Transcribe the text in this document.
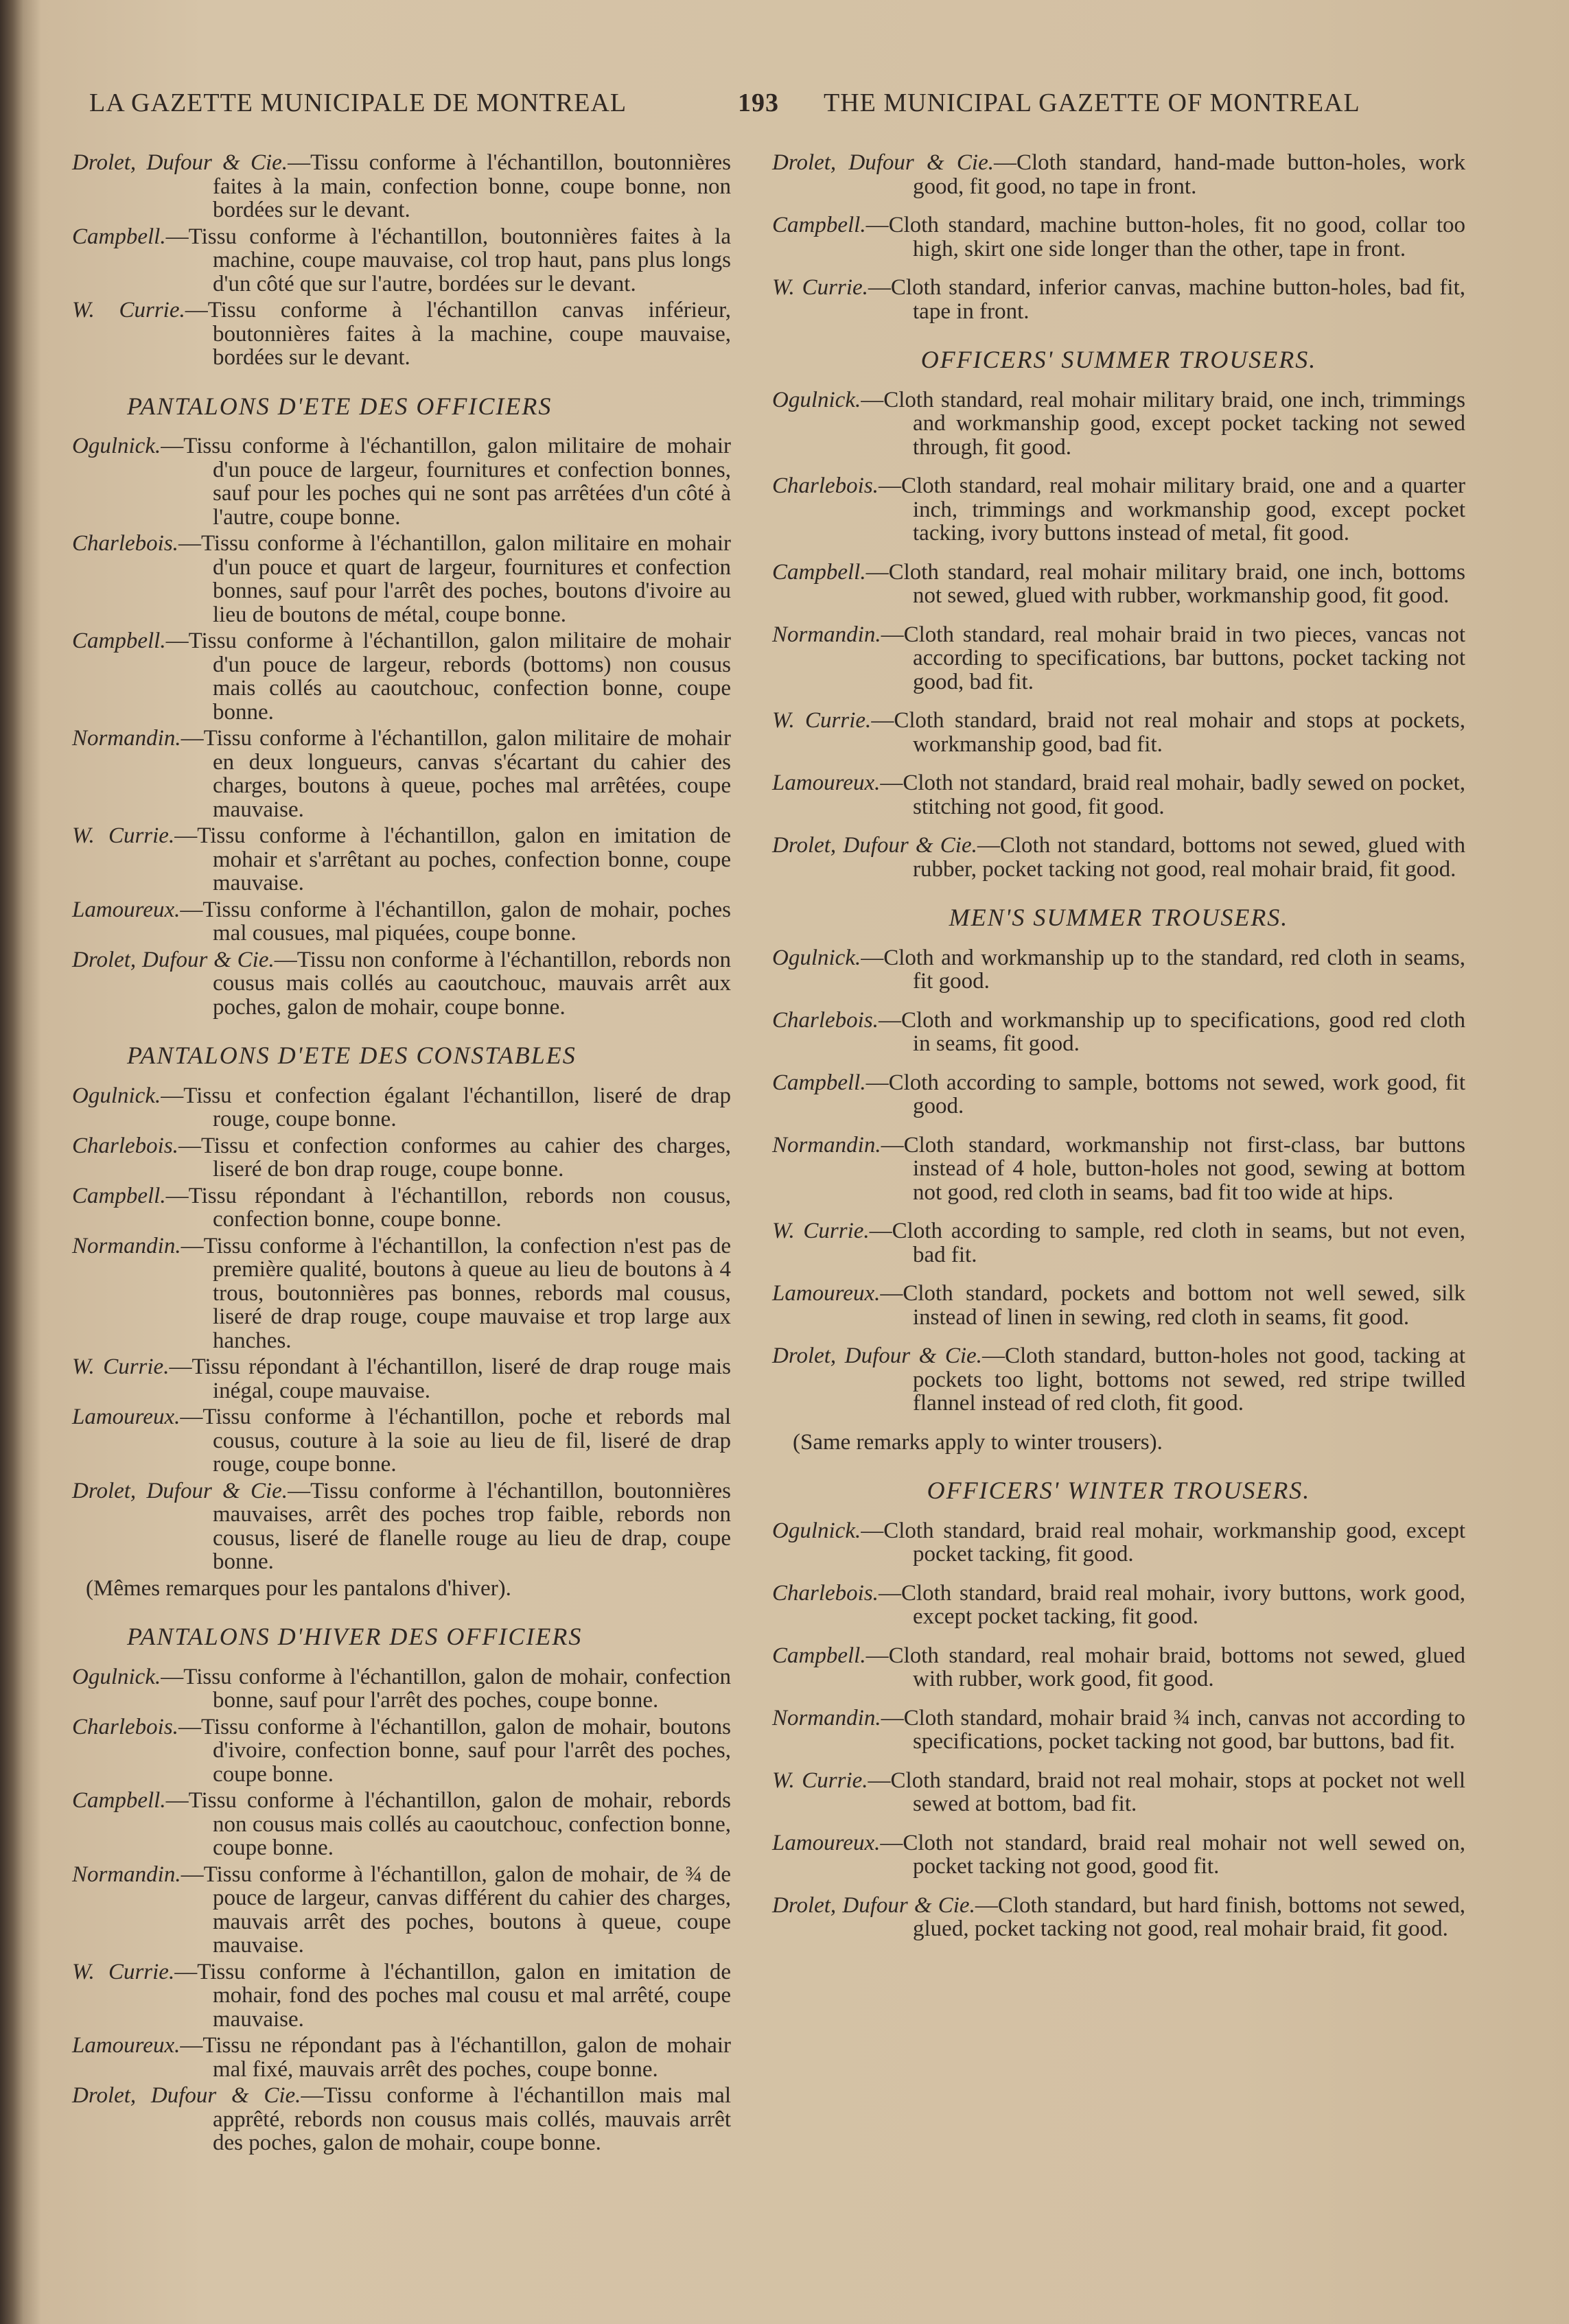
LA GAZETTE MUNICIPALE DE MONTREAL	193 THE MUNICIPAL GAZETTE OF MONTREAL

Drolet, Dufour & Cie.—Tissu conforme à l'échantillon, boutonnières faites à la main, confection bonne, coupe bonne, non bordées sur le devant.

Campbell.—Tissu conforme à l'échantillon, boutonnières faites à la machine, coupe mauvaise, col trop haut, pans plus longs d'un côté que sur l'autre, bordées sur le devant.

W. Currie.—Tissu conforme à l'échantillon canvas inférieur, boutonnières faites à la machine, coupe mauvaise, bordées sur le devant.

PANTALONS D'ETE DES OFFICIERS

Ogulnick.—Tissu conforme à l'échantillon, galon militaire de mohair d'un pouce de largeur, fournitures et confection bonnes, sauf pour les poches qui ne sont pas arrêtées d'un côté à l'autre, coupe bonne.

Charlebois.—Tissu conforme à l'échantillon, galon militaire en mohair d'un pouce et quart de largeur, fournitures et confection bonnes, sauf pour l'arrêt des poches, boutons d'ivoire au lieu de boutons de métal, coupe bonne.

Campbell.—Tissu conforme à l'échantillon, galon militaire de mohair d'un pouce de largeur, rebords (bottoms) non cousus mais collés au caoutchouc, confection bonne, coupe bonne.

Normandin.—Tissu conforme à l'échantillon, galon militaire de mohair en deux longueurs, canvas s'écartant du cahier des charges, boutons à queue, poches mal arrêtées, coupe mauvaise.

W. Currie.—Tissu conforme à l'échantillon, galon en imitation de mohair et s'arrêtant au poches, confection bonne, coupe mauvaise.

Lamoureux.—Tissu conforme à l'échantillon, galon de mohair, poches mal cousues, mal piquées, coupe bonne.

Drolet, Dufour & Cie.—Tissu non conforme à l'échantillon, rebords non cousus mais collés au caoutchouc, mauvais arrêt aux poches, galon de mohair, coupe bonne.

PANTALONS D'ETE DES CONSTABLES

Ogulnick.—Tissu et confection égalant l'échantillon, liseré de drap rouge, coupe bonne.

Charlebois.—Tissu et confection conformes au cahier des charges, liseré de bon drap rouge, coupe bonne.

Campbell.—Tissu répondant à l'échantillon, rebords non cousus, confection bonne, coupe bonne.

Normandin.—Tissu conforme à l'échantillon, la confection n'est pas de première qualité, boutons à queue au lieu de boutons à 4 trous, boutonnières pas bonnes, rebords mal cousus, liseré de drap rouge, coupe mauvaise et trop large aux hanches.

W. Currie.—Tissu répondant à l'échantillon, liseré de drap rouge mais inégal, coupe mauvaise.

Lamoureux.—Tissu conforme à l'échantillon, poche et rebords mal cousus, couture à la soie au lieu de fil, liseré de drap rouge, coupe bonne.

Drolet, Dufour & Cie.—Tissu conforme à l'échantillon, boutonnières mauvaises, arrêt des poches trop faible, rebords non cousus, liseré de flanelle rouge au lieu de drap, coupe bonne.

(Mêmes remarques pour les pantalons d'hiver).

PANTALONS D'HIVER DES OFFICIERS

Ogulnick.—Tissu conforme à l'échantillon, galon de mohair, confection bonne, sauf pour l'arrêt des poches, coupe bonne.

Charlebois.—Tissu conforme à l'échantillon, galon de mohair, boutons d'ivoire, confection bonne, sauf pour l'arrêt des poches, coupe bonne.

Campbell.—Tissu conforme à l'échantillon, galon de mohair, rebords non cousus mais collés au caoutchouc, confection bonne, coupe bonne.

Normandin.—Tissu conforme à l'échantillon, galon de mohair, de ¾ de pouce de largeur, canvas différent du cahier des charges, mauvais arrêt des poches, boutons à queue, coupe mauvaise.

W. Currie.—Tissu conforme à l'échantillon, galon en imitation de mohair, fond des poches mal cousu et mal arrêté, coupe mauvaise.

Lamoureux.—Tissu ne répondant pas à l'échantillon, galon de mohair mal fixé, mauvais arrêt des poches, coupe bonne.

Drolet, Dufour & Cie.—Tissu conforme à l'échantillon mais mal apprêté, rebords non cousus mais collés, mauvais arrêt des poches, galon de mohair, coupe bonne.

Drolet, Dufour & Cie.—Cloth standard, hand-made button-holes, work good, fit good, no tape in front.

Campbell.—Cloth standard, machine button-holes, fit no good, collar too high, skirt one side longer than the other, tape in front.

W. Currie.—Cloth standard, inferior canvas, machine button-holes, bad fit, tape in front.

OFFICERS' SUMMER TROUSERS.

Ogulnick.—Cloth standard, real mohair military braid, one inch, trimmings and workmanship good, except pocket tacking not sewed through, fit good.

Charlebois.—Cloth standard, real mohair military braid, one and a quarter inch, trimmings and workmanship good, except pocket tacking, ivory buttons instead of metal, fit good.

Campbell.—Cloth standard, real mohair military braid, one inch, bottoms not sewed, glued with rubber, workmanship good, fit good.

Normandin.—Cloth standard, real mohair braid in two pieces, vancas not according to specifications, bar buttons, pocket tacking not good, bad fit.

W. Currie.—Cloth standard, braid not real mohair and stops at pockets, workmanship good, bad fit.

Lamoureux.—Cloth not standard, braid real mohair, badly sewed on pocket, stitching not good, fit good.

Drolet, Dufour & Cie.—Cloth not standard, bottoms not sewed, glued with rubber, pocket tacking not good, real mohair braid, fit good.

MEN'S SUMMER TROUSERS.

Ogulnick.—Cloth and workmanship up to the standard, red cloth in seams, fit good.

Charlebois.—Cloth and workmanship up to specifications, good red cloth in seams, fit good.

Campbell.—Cloth according to sample, bottoms not sewed, work good, fit good.

Normandin.—Cloth standard, workmanship not first-class, bar buttons instead of 4 hole, button-holes not good, sewing at bottom not good, red cloth in seams, bad fit too wide at hips.

W. Currie.—Cloth according to sample, red cloth in seams, but not even, bad fit.

Lamoureux.—Cloth standard, pockets and bottom not well sewed, silk instead of linen in sewing, red cloth in seams, fit good.

Drolet, Dufour & Cie.—Cloth standard, button-holes not good, tacking at pockets too light, bottoms not sewed, red stripe twilled flannel instead of red cloth, fit good.

(Same remarks apply to winter trousers).

OFFICERS' WINTER TROUSERS.

Ogulnick.—Cloth standard, braid real mohair, workmanship good, except pocket tacking, fit good.

Charlebois.—Cloth standard, braid real mohair, ivory buttons, work good, except pocket tacking, fit good.

Campbell.—Cloth standard, real mohair braid, bottoms not sewed, glued with rubber, work good, fit good.

Normandin.—Cloth standard, mohair braid ¾ inch, canvas not according to specifications, pocket tacking not good, bar buttons, bad fit.

W. Currie.—Cloth standard, braid not real mohair, stops at pocket not well sewed at bottom, bad fit.

Lamoureux.—Cloth not standard, braid real mohair not well sewed on, pocket tacking not good, good fit.

Drolet, Dufour & Cie.—Cloth standard, but hard finish, bottoms not sewed, glued, pocket tacking not good, real mohair braid, fit good.
